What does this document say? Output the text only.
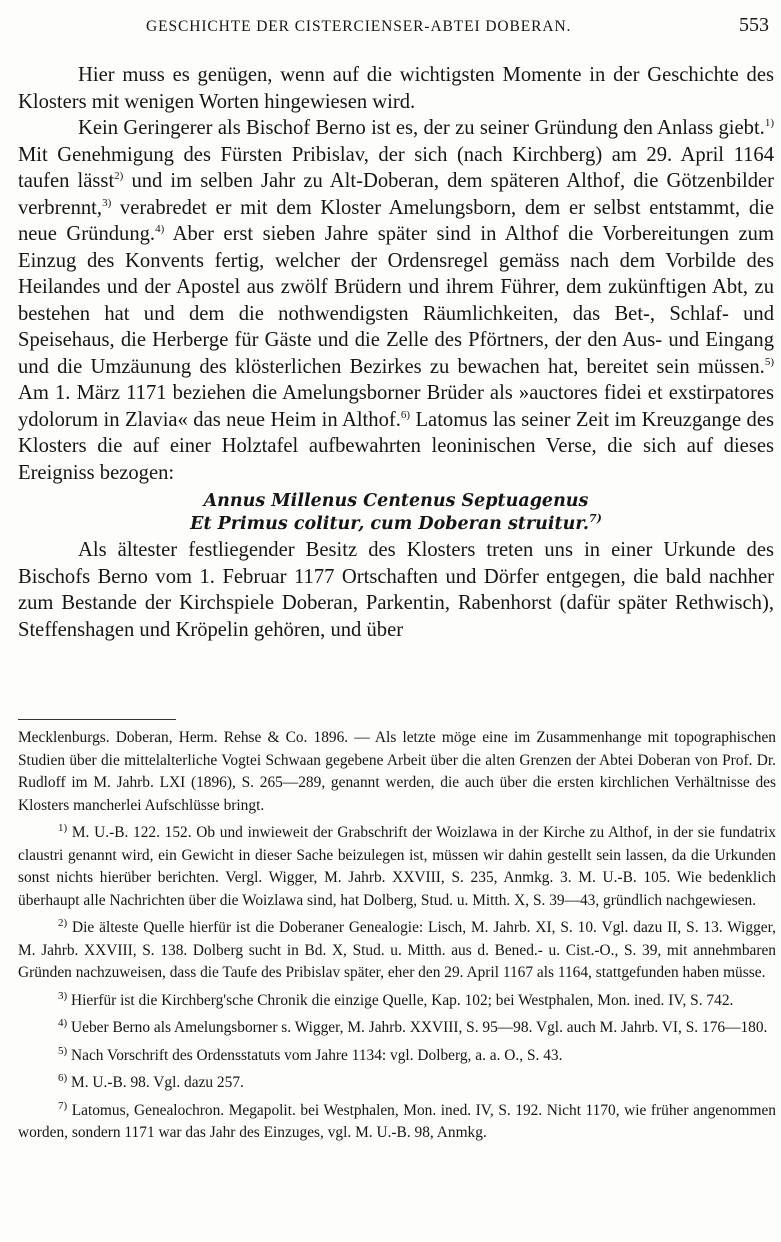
GESCHICHTE DER CISTERCIENSER-ABTEI DOBERAN.	553

Hier muss es genügen, wenn auf die wichtigsten Momente in der Geschichte des Klosters mit wenigen Worten hingewiesen wird.

Kein Geringerer als Bischof Berno ist es, der zu seiner Gründung den Anlass giebt.$^{1)}$ Mit Genehmigung des Fürsten Pribislav, der sich (nach Kirchberg) am 29. April 1164 taufen lässt$^{2)}$ und im selben Jahr zu Alt-Doberan, dem späteren Althof, die Götzenbilder verbrennt,$^{3)}$ verabredet er mit dem Kloster Amelungsborn, dem er selbst entstammt, die neue Gründung.$^{4)}$ Aber erst sieben Jahre später sind in Althof die Vorbereitungen zum Einzug des Konvents fertig, welcher der Ordensregel gemäss nach dem Vorbilde des Heilandes und der Apostel aus zwölf Brüdern und ihrem Führer, dem zukünftigen Abt, zu bestehen hat und dem die nothwendigsten Räumlichkeiten, das Bet-, Schlaf- und Speisehaus, die Herberge für Gäste und die Zelle des Pförtners, der den Aus- und Eingang und die Umzäunung des klösterlichen Bezirkes zu bewachen hat, bereitet sein müssen.$^{5)}$ Am 1. März 1171 beziehen die Amelungsborner Brüder als »auctores fidei et exstirpatores ydolorum in Zlavia« das neue Heim in Althof.$^{6)}$ Latomus las seiner Zeit im Kreuzgange des Klosters die auf einer Holztafel aufbewahrten leoninischen Verse, die sich auf dieses Ereigniss bezogen:

Annus Millenus Centenus Septuagenus
Et Primus colitur, cum Doberan struitur.$^{7)}$

Als ältester festliegender Besitz des Klosters treten uns in einer Urkunde des Bischofs Berno vom 1. Februar 1177 Ortschaften und Dörfer entgegen, die bald nachher zum Bestande der Kirchspiele Doberan, Parkentin, Rabenhorst (dafür später Rethwisch), Steffenshagen und Kröpelin gehören, und über

Mecklenburgs. Doberan, Herm. Rehse & Co. 1896. — Als letzte möge eine im Zusammenhange mit topographischen Studien über die mittelalterliche Vogtei Schwaan gegebene Arbeit über die alten Grenzen der Abtei Doberan von Prof. Dr. Rudloff im M. Jahrb. LXI (1896), S. 265—289, genannt werden, die auch über die ersten kirchlichen Verhältnisse des Klosters mancherlei Aufschlüsse bringt.

$^{1)}$ M. U.-B. 122. 152. Ob und inwieweit der Grabschrift der Woizlawa in der Kirche zu Althof, in der sie fundatrix claustri genannt wird, ein Gewicht in dieser Sache beizulegen ist, müssen wir dahin gestellt sein lassen, da die Urkunden sonst nichts hierüber berichten. Vergl. Wigger, M. Jahrb. XXVIII, S. 235, Anmkg. 3. M. U.-B. 105. Wie bedenklich überhaupt alle Nachrichten über die Woizlawa sind, hat Dolberg, Stud. u. Mitth. X, S. 39—43, gründlich nachgewiesen.

$^{2)}$ Die älteste Quelle hierfür ist die Doberaner Genealogie: Lisch, M. Jahrb. XI, S. 10. Vgl. dazu II, S. 13. Wigger, M. Jahrb. XXVIII, S. 138. Dolberg sucht in Bd. X, Stud. u. Mitth. aus d. Bened.- u. Cist.-O., S. 39, mit annehmbaren Gründen nachzuweisen, dass die Taufe des Pribislav später, eher den 29. April 1167 als 1164, stattgefunden haben müsse.

$^{3)}$ Hierfür ist die Kirchberg'sche Chronik die einzige Quelle, Kap. 102; bei Westphalen, Mon. ined. IV, S. 742.

$^{4)}$ Ueber Berno als Amelungsborner s. Wigger, M. Jahrb. XXVIII, S. 95—98. Vgl. auch M. Jahrb. VI, S. 176—180.

$^{5)}$ Nach Vorschrift des Ordensstatuts vom Jahre 1134: vgl. Dolberg, a. a. O., S. 43.

$^{6)}$ M. U.-B. 98. Vgl. dazu 257.

$^{7)}$ Latomus, Genealochron. Megapolit. bei Westphalen, Mon. ined. IV, S. 192. Nicht 1170, wie früher angenommen worden, sondern 1171 war das Jahr des Einzuges, vgl. M. U.-B. 98, Anmkg.
